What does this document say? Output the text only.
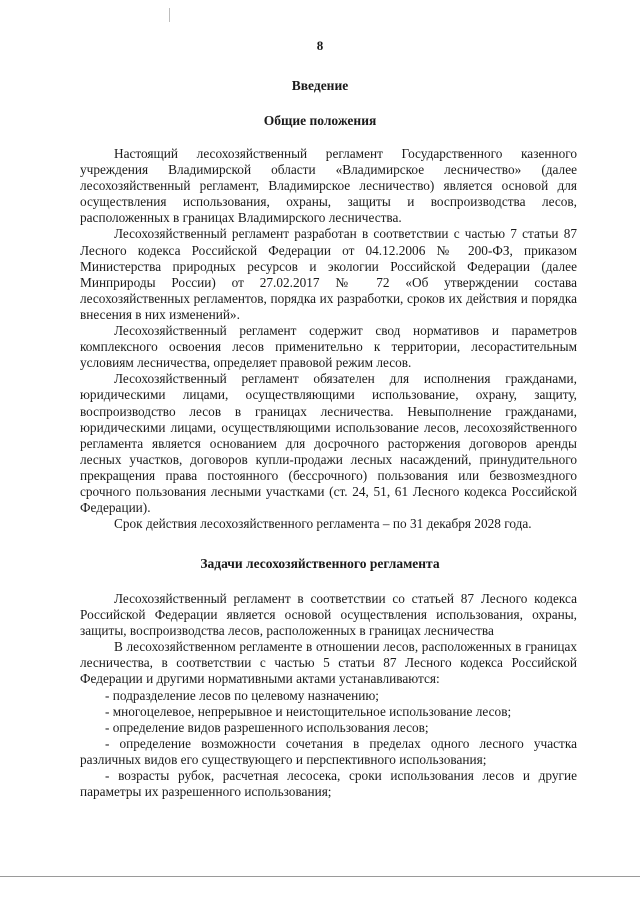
8
Введение
Общие положения

Настоящий лесохозяйственный регламент Государственного казенного учреждения Владимирской области «Владимирское лесничество» (далее лесохозяйственный регламент, Владимирское лесничество) является основой для осуществления использования, охраны, защиты и воспроизводства лесов, расположенных в границах Владимирского лесничества.

Лесохозяйственный регламент разработан в соответствии с частью 7 статьи 87 Лесного кодекса Российской Федерации от 04.12.2006 № 200-ФЗ, приказом Министерства природных ресурсов и экологии Российской Федерации (далее Минприроды России) от 27.02.2017 № 72 «Об утверждении состава лесохозяйственных регламентов, порядка их разработки, сроков их действия и порядка внесения в них изменений».

Лесохозяйственный регламент содержит свод нормативов и параметров комплексного освоения лесов применительно к территории, лесорастительным условиям лесничества, определяет правовой режим лесов.

Лесохозяйственный регламент обязателен для исполнения гражданами, юридическими лицами, осуществляющими использование, охрану, защиту, воспроизводство лесов в границах лесничества. Невыполнение гражданами, юридическими лицами, осуществляющими использование лесов, лесохозяйственного регламента является основанием для досрочного расторжения договоров аренды лесных участков, договоров купли-продажи лесных насаждений, принудительного прекращения права постоянного (бессрочного) пользования или безвозмездного срочного пользования лесными участками (ст. 24, 51, 61 Лесного кодекса Российской Федерации).

Срок действия лесохозяйственного регламента – по 31 декабря 2028 года.

Задачи лесохозяйственного регламента

Лесохозяйственный регламент в соответствии со статьей 87 Лесного кодекса Российской Федерации является основой осуществления использования, охраны, защиты, воспроизводства лесов, расположенных в границах лесничества

В лесохозяйственном регламенте в отношении лесов, расположенных в границах лесничества, в соответствии с частью 5 статьи 87 Лесного кодекса Российской Федерации и другими нормативными актами устанавливаются:

- подразделение лесов по целевому назначению;

- многоцелевое, непрерывное и неистощительное использование лесов;

- определение видов разрешенного использования лесов;

- определение возможности сочетания в пределах одного лесного участка различных видов его существующего и перспективного использования;

- возрасты рубок, расчетная лесосека, сроки использования лесов и другие параметры их разрешенного использования;
